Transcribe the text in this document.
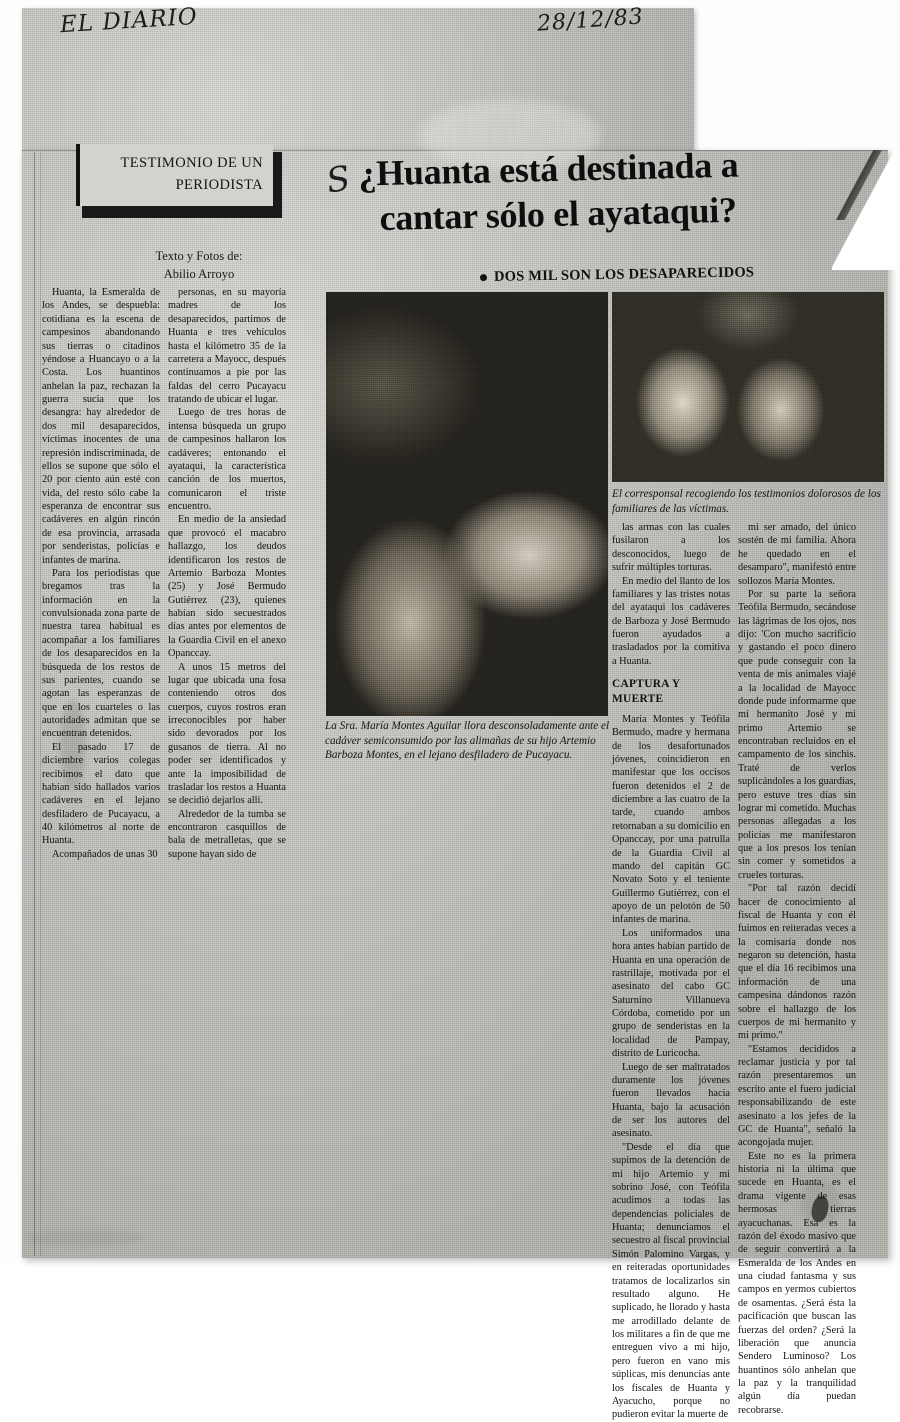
EL DIARIO	28/12/83
TESTIMONIO DE UN
PERIODISTA
Texto y Fotos de:
Abilio Arroyo
S ¿Huanta está destinada a
cantar sólo el ayataqui?
DOS MIL SON LOS DESAPARECIDOS
La Sra. María Montes Aguilar llora desconsoladamente ante el cadáver semiconsumido por las alimañas de su hijo Artemio Barboza Montes, en el lejano desfiladero de Pucayacu.
El corresponsal recogiendo los testimonios dolorosos de los familiares de las víctimas.

Huanta, la Esmeralda de los Andes, se despuebla: cotidiana es la escena de campesinos abandonando sus tierras o citadinos yéndose a Huancayo o a la Costa. Los huantinos anhelan la paz, rechazan la guerra sucia que los desangra: hay alrededor de dos mil desaparecidos, víctimas inocentes de una represión indiscriminada, de ellos se supone que sólo el 20 por ciento aún esté con vida, del resto sólo cabe la esperanza de encontrar sus cadáveres en algún rincón de esa provincia, arrasada por senderistas, policías e infantes de marina.

Para los periodistas que bregamos tras la información en la convulsionada zona parte de nuestra tarea habitual es acompañar a los familiares de los desaparecidos en la búsqueda de los restos de sus parientes, cuando se agotan las esperanzas de que en los cuarteles o las autoridades admitan que se encuentran detenidos.

El pasado 17 de diciembre varios colegas recibimos el dato que habían sido hallados varios cadáveres en el lejano desfiladero de Pucayacu, a 40 kilómetros al norte de Huanta.

Acompañados de unas 30

personas, en su mayoría madres de los desaparecidos, partimos de Huanta e tres vehículos hasta el kilómetro 35 de la carretera a Mayocc, después continuamos a pie por las faldas del cerro Pucayacu tratando de ubicar el lugar.

Luego de tres horas de intensa búsqueda un grupo de campesinos hallaron los cadáveres; entonando el ayataqui, la característica canción de los muertos, comunicaron el triste encuentro.

En medio de la ansiedad que provocó el macabro hallazgo, los deudos identificaron los restos de Artemio Barboza Montes (25) y José Bermudo Gutiérrez (23), quienes habían sido secuestrados días antes por elementos de la Guardia Civil en el anexo Opanccay.

A unos 15 metros del lugar que ubicada una fosa conteniendo otros dos cuerpos, cuyos rostros eran irreconocibles por haber sido devorados por los gusanos de tierra. Al no poder ser identificados y ante la imposibilidad de trasladar los restos a Huanta se decidió dejarlos allí.

Alrededor de la tumba se encontraron casquillos de bala de metralletas, que se supone hayan sido de

las armas con las cuales fusilaron a los desconocidos, luego de sufrir múltiples torturas.

En medio del llanto de los familiares y las tristes notas del ayataqui los cadáveres de Barboza y José Bermudo fueron ayudados a trasladados por la comitiva a Huanta.

CAPTURA Y MUERTE

María Montes y Teófila Bermudo, madre y hermana de los desafortunados jóvenes, coincidieron en manifestar que los occisos fueron detenidos el 2 de diciembre a las cuatro de la tarde, cuando ambos retornaban a su domicilio en Opanccay, por una patrulla de la Guardia Civil al mando del capitán GC Novato Soto y el teniente Guillermo Gutiérrez, con el apoyo de un pelotón de 50 infantes de marina.

Los uniformados una hora antes habían partido de Huanta en una operación de rastrillaje, motivada por el asesinato del cabo GC Saturnino Villanueva Córdoba, cometido por un grupo de senderistas en la localidad de Pampay, distrito de Luricocha.

Luego de ser maltratados duramente los jóvenes fueron llevados hacia Huanta, bajo la acusación de ser los autores del asesinato.

"Desde el día que supimos de la detención de mi hijo Artemio y mi sobrino José, con Teófila acudimos a todas las dependencias policiales de Huanta; denunciamos el secuestro al fiscal provincial Simón Palomino Vargas, y en reiteradas oportunidades tratamos de localizarlos sin resultado alguno. He suplicado, he llorado y hasta me arrodillado delante de los militares a fin de que me entreguen vivo a mi hijo, pero fueron en vano mis súplicas, mis denuncias ante los fiscales de Huanta y Ayacucho, porque no pudieron evitar la muerte de

mi ser amado, del único sostén de mi familia. Ahora he quedado en el desamparo", manifestó entre sollozos María Montes.

Por su parte la señora Teófila Bermudo, secándose las lágrimas de los ojos, nos dijo: 'Con mucho sacrificio y gastando el poco dinero que pude conseguir con la venta de mis animales viajé a la localidad de Mayocc donde pude informarme que mi hermanito José y mi primo Artemio se encontraban recluidos en el campamento de los sinchis. Traté de verlos suplicándoles a los guardias, pero estuve tres días sin lograr mi cometido. Muchas personas allegadas a los policías me manifestaron que a los presos los tenían sin comer y sometidos a crueles torturas.

"Por tal razón decidí hacer de conocimiento al fiscal de Huanta y con él fuimos en reiteradas veces a la comisaría donde nos negaron su detención, hasta que el día 16 recibimos una información de una campesina dándonos razón sobre el hallazgo de los cuerpos de mi hermanito y mi primo."

"Estamos decididos a reclamar justicia y por tal razón presentaremos un escrito ante el fuero judicial responsabilizando de este asesinato a los jefes de la GC de Huanta", señaló la acongojada mujer.

Este no es la primera historia ni la última que sucede en Huanta, es el drama vigente de esas hermosas tierras ayacuchanas. Esa es la razón del éxodo masivo que de seguir convertirá a la Esmeralda de los Andes en una ciudad fantasma y sus campos en yermos cubiertos de osamentas. ¿Será ésta la pacificación que buscan las fuerzas del orden? ¿Será la liberación que anuncia Sendero Luminoso? Los huantinos sólo anhelan que la paz y la tranquilidad algún día puedan recobrarse.
